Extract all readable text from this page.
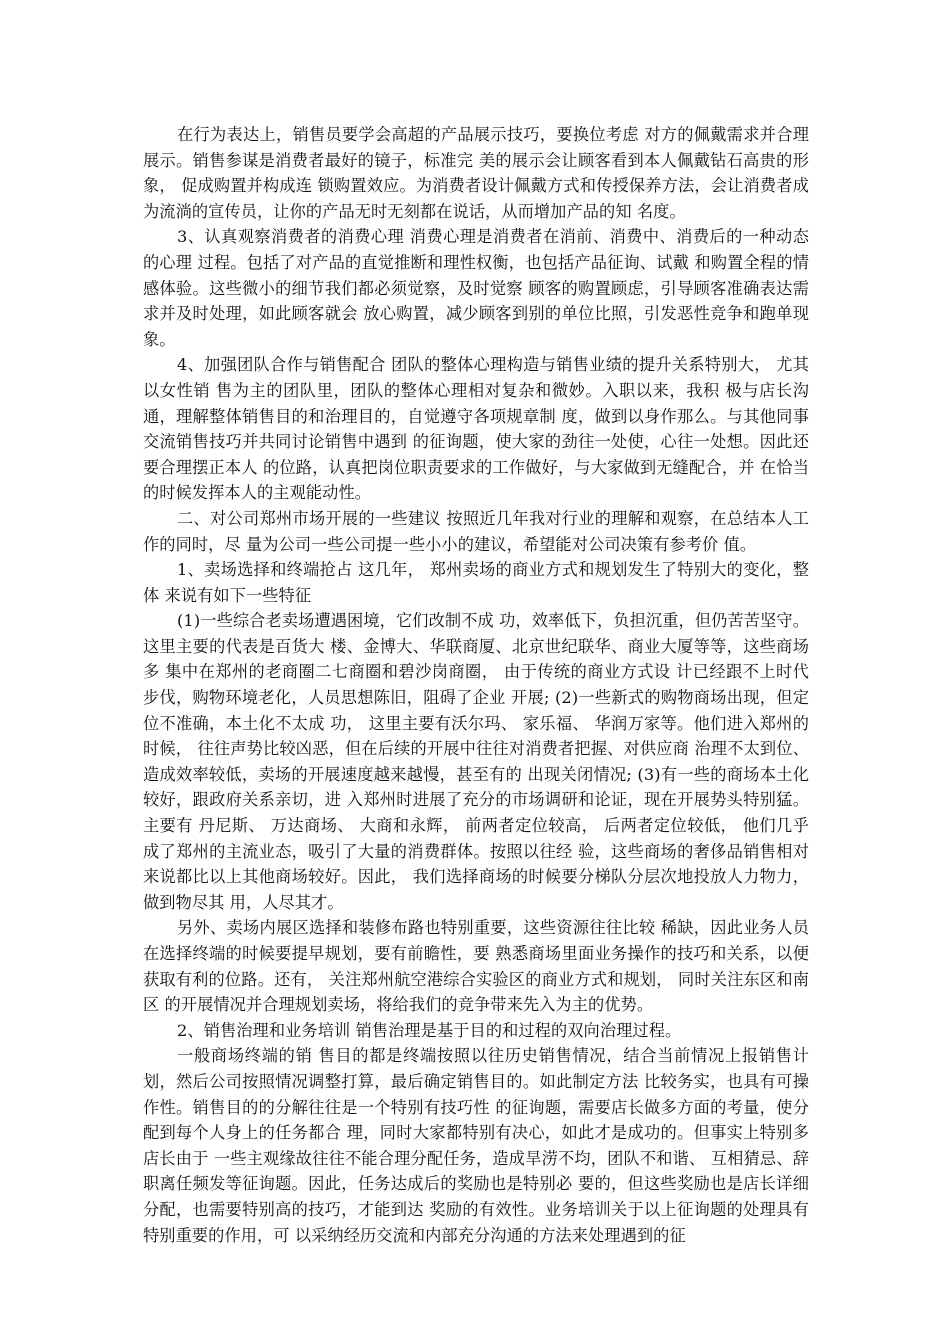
在行为表达上，销售员要学会高超的产品展示技巧，要换位考虑 对方的佩戴需求并合理展示。销售参谋是消费者最好的镜子，标准完 美的展示会让顾客看到本人佩戴钻石高贵的形象， 促成购置并构成连 锁购置效应。为消费者设计佩戴方式和传授保养方法，会让消费者成 为流淌的宣传员，让你的产品无时无刻都在说话，从而增加产品的知 名度。

3、认真观察消费者的消费心理 消费心理是消费者在消前、消费中、消费后的一种动态的心理 过程。包括了对产品的直觉推断和理性权衡，也包括产品征询、试戴 和购置全程的情感体验。这些微小的细节我们都必须觉察，及时觉察 顾客的购置顾虑，引导顾客准确表达需求并及时处理，如此顾客就会 放心购置，减少顾客到别的单位比照，引发恶性竞争和跑单现象。

4、加强团队合作与销售配合 团队的整体心理构造与销售业绩的提升关系特别大， 尤其以女性销 售为主的团队里，团队的整体心理相对复杂和微妙。入职以来，我积 极与店长沟通，理解整体销售目的和治理目的，自觉遵守各项规章制 度，做到以身作那么。与其他同事交流销售技巧并共同讨论销售中遇到 的征询题，使大家的劲往一处使，心往一处想。因此还要合理摆正本人 的位路，认真把岗位职责要求的工作做好，与大家做到无缝配合，并 在恰当的时候发挥本人的主观能动性。

二、对公司郑州市场开展的一些建议 按照近几年我对行业的理解和观察，在总结本人工作的同时，尽 量为公司一些公司提一些小小的建议，希望能对公司决策有参考价 值。

1、卖场选择和终端抢占 这几年， 郑州卖场的商业方式和规划发生了特别大的变化，整体 来说有如下一些特征

(1)一些综合老卖场遭遇困境，它们改制不成 功，效率低下，负担沉重，但仍苦苦坚守。这里主要的代表是百货大 楼、金博大、华联商厦、北京世纪联华、商业大厦等等，这些商场多 集中在郑州的老商圈二七商圈和碧沙岗商圈， 由于传统的商业方式设 计已经跟不上时代步伐，购物环境老化，人员思想陈旧，阻碍了企业 开展; (2)一些新式的购物商场出现，但定位不准确，本土化不太成 功， 这里主要有沃尔玛、 家乐福、 华润万家等。他们进入郑州的时候， 往往声势比较凶恶，但在后续的开展中往往对消费者把握、对供应商 治理不太到位、造成效率较低，卖场的开展速度越来越慢，甚至有的 出现关闭情况; (3)有一些的商场本土化较好，跟政府关系亲切，进 入郑州时进展了充分的市场调研和论证，现在开展势头特别猛。主要有 丹尼斯、 万达商场、 大商和永辉， 前两者定位较高， 后两者定位较低， 他们几乎成了郑州的主流业态，吸引了大量的消费群体。按照以往经 验，这些商场的奢侈品销售相对来说都比以上其他商场较好。因此， 我们选择商场的时候要分梯队分层次地投放人力物力，做到物尽其 用，人尽其才。

另外、卖场内展区选择和装修布路也特别重要，这些资源往往比较 稀缺，因此业务人员在选择终端的时候要提早规划，要有前瞻性，要 熟悉商场里面业务操作的技巧和关系，以便获取有利的位路。还有， 关注郑州航空港综合实验区的商业方式和规划， 同时关注东区和南区 的开展情况并合理规划卖场，将给我们的竞争带来先入为主的优势。

2、销售治理和业务培训 销售治理是基于目的和过程的双向治理过程。

一般商场终端的销 售目的都是终端按照以往历史销售情况，结合当前情况上报销售计划，然后公司按照情况调整打算，最后确定销售目的。如此制定方法 比较务实，也具有可操作性。销售目的的分解往往是一个特别有技巧性 的征询题，需要店长做多方面的考量，使分配到每个人身上的任务都合 理，同时大家都特别有决心，如此才是成功的。但事实上特别多店长由于 一些主观缘故往往不能合理分配任务，造成旱涝不均，团队不和谐、 互相猜忌、辞职离任频发等征询题。因此，任务达成后的奖励也是特别必 要的，但这些奖励也是店长详细分配，也需要特别高的技巧，才能到达 奖励的有效性。业务培训关于以上征询题的处理具有特别重要的作用，可 以采纳经历交流和内部充分沟通的方法来处理遇到的征
